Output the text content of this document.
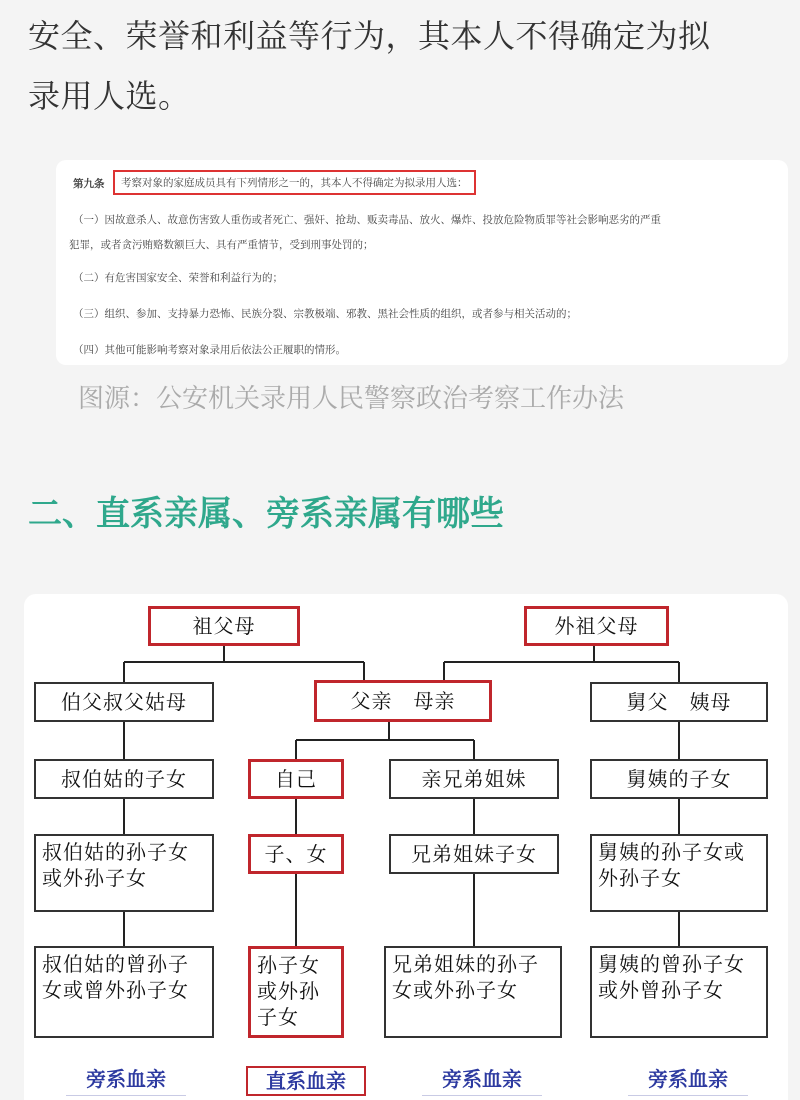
安全、荣誉和利益等行为，其本人不得确定为拟
录用人选。
第九条	考察对象的家庭成员具有下列情形之一的，其本人不得确定为拟录用人选：
（一）因故意杀人、故意伤害致人重伤或者死亡、强奸、抢劫、贩卖毒品、放火、爆炸、投放危险物质罪等社会影响恶劣的严重
犯罪，或者贪污贿赂数额巨大、具有严重情节，受到刑事处罚的；
（二）有危害国家安全、荣誉和利益行为的；
（三）组织、参加、支持暴力恐怖、民族分裂、宗教极端、邪教、黑社会性质的组织，或者参与相关活动的；
（四）其他可能影响考察对象录用后依法公正履职的情形。
图源：公安机关录用人民警察政治考察工作办法
二、直系亲属、旁系亲属有哪些
祖父母	外祖父母
伯父叔父姑母	父亲　母亲	舅父　姨母
叔伯姑的子女	自己	亲兄弟姐妹	舅姨的子女
叔伯姑的孙子女或外孙子女
子、女	兄弟姐妹子女	舅姨的孙子女或外孙子女
叔伯姑的曾孙子女或曾外孙子女
孙子女或外孙子女
兄弟姐妹的孙子女或外孙子女
舅姨的曾孙子女或外曾孙子女
旁系血亲	直系血亲	旁系血亲	旁系血亲
